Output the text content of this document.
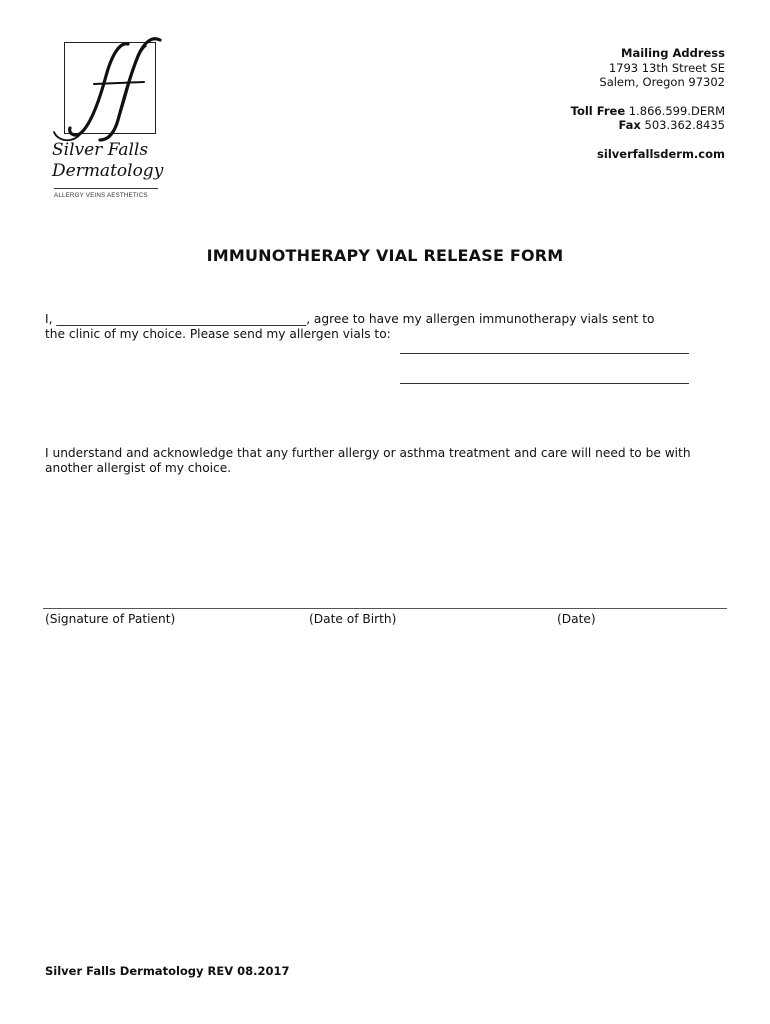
Silver Falls
Dermatology
ALLERGY VEINS AESTHETICS
Mailing Address
1793 13th Street SE
Salem, Oregon 97302
Toll Free 1.866.599.DERM
Fax 503.362.8435
silverfallsderm.com
IMMUNOTHERAPY VIAL RELEASE FORM
I, _________________________________________, agree to have my allergen immunotherapy vials sent to
the clinic of my choice. Please send my allergen vials to:
I understand and acknowledge that any further allergy or asthma treatment and care will need to be with
another allergist of my choice.
(Signature of Patient)	(Date of Birth)	(Date)
Silver Falls Dermatology REV 08.2017
